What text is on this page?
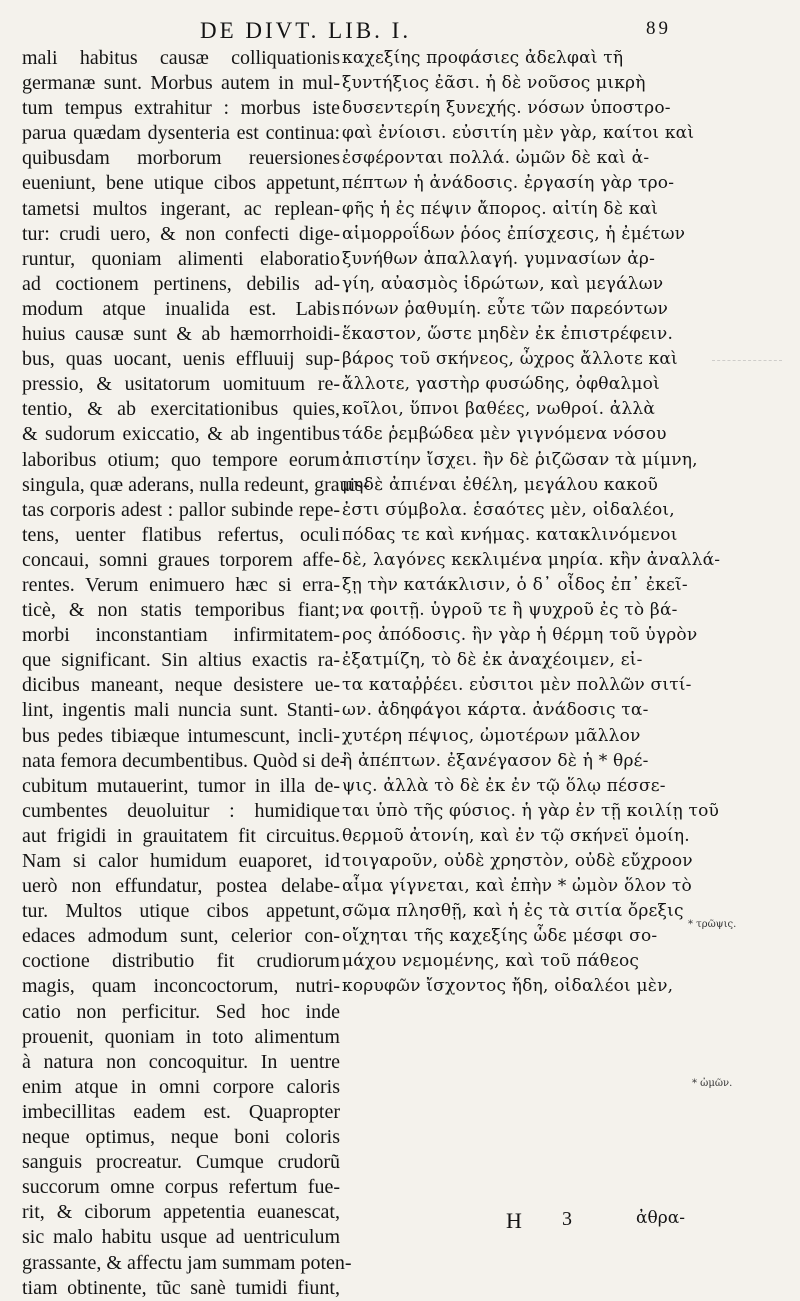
DE DIVT. LIB. I.	89
mali habitus causæ colliquationis
germanæ sunt. Morbus autem in mul-
tum tempus extrahitur : morbus iste
parua quædam dysenteria est continua:
quibusdam morborum reuersiones
eueniunt, bene utique cibos appetunt,
tametsi multos ingerant, ac replean-
tur: crudi uero, & non confecti dige-
runtur, quoniam alimenti elaboratio
ad coctionem pertinens, debilis ad-
modum atque inualida est. Labis
huius causæ sunt & ab hæmorrhoidi-
bus, quas uocant, uenis effluuij sup-
pressio, & usitatorum uomituum re-
tentio, & ab exercitationibus quies,
& sudorum exiccatio, & ab ingentibus
laboribus otium; quo tempore eorum
singula, quæ aderans, nulla redeunt, grauis-
tas corporis adest : pallor subinde repe-
tens, uenter flatibus refertus, oculi
concaui, somni graues torporem affe-
rentes. Verum enimuero hæc si erra-
ticè, & non statis temporibus fiant;
morbi inconstantiam infirmitatem-
que significant. Sin altius exactis ra-
dicibus maneant, neque desistere ue-
lint, ingentis mali nuncia sunt. Stanti-
bus pedes tibiæque intumescunt, incli-
nata femora decumbentibus. Quòd si de-
cubitum mutauerint, tumor in illa de-
cumbentes deuoluitur : humidique
aut frigidi in grauitatem fit circuitus.
Nam si calor humidum euaporet, id
uerò non effundatur, postea delabe-
tur. Multos utique cibos appetunt,
edaces admodum sunt, celerior con-
coctione distributio fit crudiorum
magis, quam inconcoctorum, nutri-
catio non perficitur. Sed hoc inde
prouenit, quoniam in toto alimentum
à natura non concoquitur. In uentre
enim atque in omni corpore caloris
imbecillitas eadem est. Quapropter
neque optimus, neque boni coloris
sanguis procreatur. Cumque crudorũ
succorum omne corpus refertum fue-
rit, & ciborum appetentia euanescat,
sic malo habitu usque ad uentriculum
grassante, & affectu jam summam poten-
tiam obtinente, tũc sanè tumidi fiunt,
καχεξίης προφάσιες ἀδελφαὶ τῆ
ξυντήξιος ἐᾶσι. ἡ δὲ νοῦσος μικρὴ
δυσεντερίη ξυνεχής. νόσων ὑποστρο-
φαὶ ἐνίοισι. εὐσιτίη μὲν γὰρ, καίτοι καὶ
ἐσφέρονται πολλά. ὠμῶν δὲ καὶ ἀ-
πέπτων ἡ ἀνάδοσις. ἐργασίη γὰρ τρο-
φῆς ἡ ἐς πέψιν ἄπορος. αἰτίη δὲ καὶ
αἱμορροΐδων ῥόος ἐπίσχεσις, ἡ ἐμέτων
ξυνήθων ἀπαλλαγή. γυμνασίων ἀρ-
γίη, αὐασμὸς ἱδρώτων, καὶ μεγάλων
πόνων ῥαθυμίη. εὖτε τῶν παρεόντων
ἕκαστον, ὥστε μηδὲν ἐκ ἐπιστρέφειν.
βάρος τοῦ σκήνεος, ὦχρος ἄλλοτε καὶ
ἄλλοτε, γαστὴρ φυσώδης, ὀφθαλμοὶ
κοῖλοι, ὕπνοι βαθέες, νωθροί. ἀλλὰ
τάδε ῥεμβώδεα μὲν γιγνόμενα νόσου
ἀπιστίην ἴσχει. ἢν δὲ ῥιζῶσαν τὰ μίμνη,
μηδὲ ἀπιέναι ἐθέλη, μεγάλου κακοῦ
ἐστι σύμβολα. ἑσαότες μὲν, οἰδαλέοι,
πόδας τε καὶ κνήμας. κατακλινόμενοι
δὲ, λαγόνες κεκλιμένα μηρία. κἢν ἀναλλά-
ξῃ τὴν κατάκλισιν, ὁ δ᾽ οἶδος ἐπ᾽ ἐκεῖ-
να φοιτῇ. ὑγροῦ τε ἢ ψυχροῦ ἐς τὸ βά-
ρος ἀπόδοσις. ἢν γὰρ ἡ θέρμη τοῦ ὑγρὸν
ἐξατμίζη, τὸ δὲ ἐκ ἀναχέοιμεν, εἰ-
τα καταῤῥέει. εὐσιτοι μὲν πολλῶν σιτί-
ων. ἀδηφάγοι κάρτα. ἀνάδοσις τα-
χυτέρη πέψιος, ὠμοτέρων μᾶλλον
ἢ ἀπέπτων. ἐξανέγασον δὲ ἡ * θρέ-
ψις. ἀλλὰ τὸ δὲ ἐκ ἐν τῷ ὅλῳ πέσσε-
ται ὑπὸ τῆς φύσιος. ἡ γὰρ ἐν τῇ κοιλίῃ τοῦ
θερμοῦ ἀτονίη, καὶ ἐν τῷ σκήνεϊ ὁμοίη.
τοιγαροῦν, οὐδὲ χρηστὸν, οὐδὲ εὔχροον
αἷμα γίγνεται, καὶ ἐπὴν * ὠμὸν ὅλον τὸ
σῶμα πλησθῇ, καὶ ἡ ἐς τὰ σιτία ὄρεξις
οἴχηται τῆς καχεξίης ὧδε μέσφι σο-
μάχου νεμομένης, καὶ τοῦ πάθεος
κορυφῶν ἴσχοντος ἤδη, οἰδαλέοι μὲν,
* τρῶψις.
* ὠμῶν.
H 3	ἀθρα-
